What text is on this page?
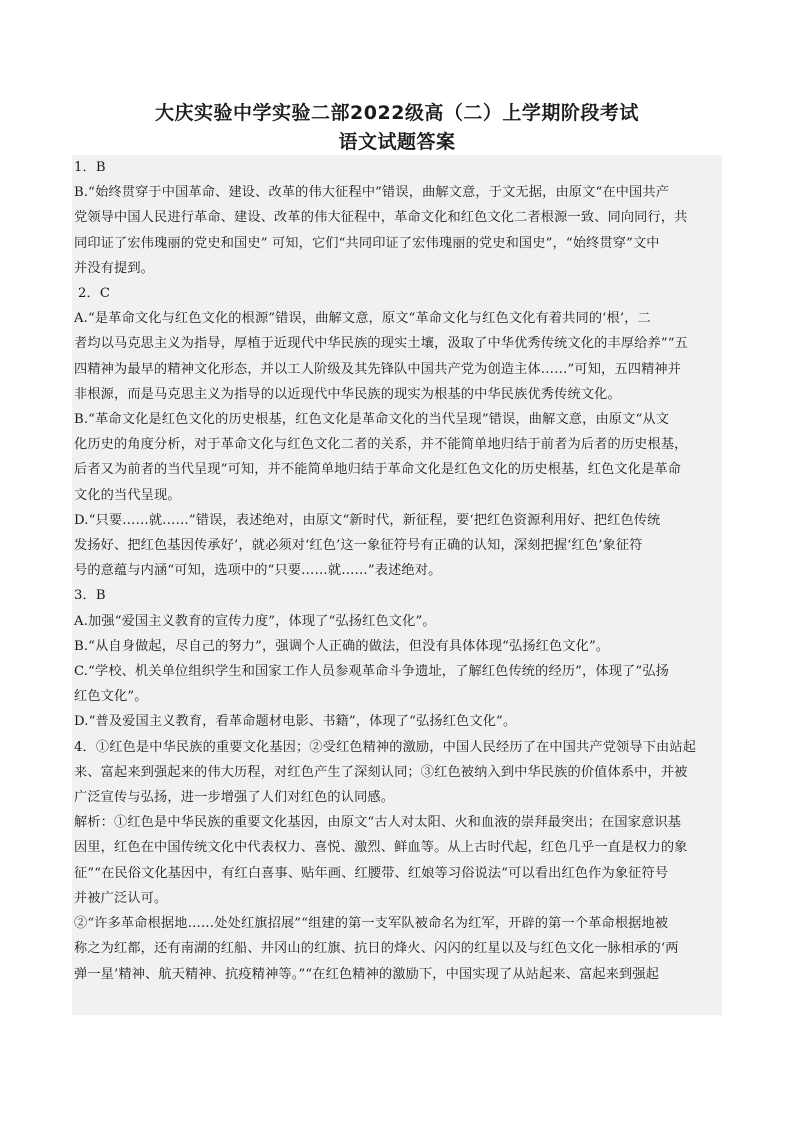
大庆实验中学实验二部2022级高（二）上学期阶段考试
语文试题答案

1．B

B.“始终贯穿于中国革命、建设、改革的伟大征程中”错误，曲解文意，于文无据，由原文“在中国共产

党领导中国人民进行革命、建设、改革的伟大征程中，革命文化和红色文化二者根源一致、同向同行，共

同印证了宏伟瑰丽的党史和国史” 可知，它们“共同印证了宏伟瑰丽的党史和国史”，“始终贯穿”文中

并没有提到。

2．C

A.“是革命文化与红色文化的根源”错误，曲解文意，原文“革命文化与红色文化有着共同的‘根’，二

者均以马克思主义为指导，厚植于近现代中华民族的现实土壤，汲取了中华优秀传统文化的丰厚给养”“五

四精神为最早的精神文化形态，并以工人阶级及其先锋队中国共产党为创造主体……”可知，五四精神并

非根源，而是马克思主义为指导的以近现代中华民族的现实为根基的中华民族优秀传统文化。

B.“革命文化是红色文化的历史根基，红色文化是革命文化的当代呈现”错误，曲解文意，由原文“从文

化历史的角度分析，对于革命文化与红色文化二者的关系，并不能简单地归结于前者为后者的历史根基，

后者又为前者的当代呈现”可知，并不能简单地归结于革命文化是红色文化的历史根基，红色文化是革命

文化的当代呈现。

D.“只要……就……”错误，表述绝对，由原文“新时代，新征程，要‘把红色资源利用好、把红色传统

发扬好、把红色基因传承好’，就必须对‘红色’这一象征符号有正确的认知，深刻把握‘红色’象征符

号的意蕴与内涵“可知，选项中的“只要……就……”表述绝对。

3．B

A.加强“爱国主义教育的宣传力度”，体现了“弘扬红色文化”。

B.“从自身做起，尽自己的努力”，强调个人正确的做法，但没有具体体现“弘扬红色文化”。

C.“学校、机关单位组织学生和国家工作人员参观革命斗争遗址，了解红色传统的经历”，体现了“弘扬

红色文化”。

D.“普及爱国主义教育，看革命题材电影、书籍”，体现了“弘扬红色文化”。

4．①红色是中华民族的重要文化基因；②受红色精神的激励，中国人民经历了在中国共产党领导下由站起

来、富起来到强起来的伟大历程，对红色产生了深刻认同；③红色被纳入到中华民族的价值体系中，并被

广泛宣传与弘扬，进一步增强了人们对红色的认同感。

解析：①红色是中华民族的重要文化基因，由原文“古人对太阳、火和血液的崇拜最突出；在国家意识基

因里，红色在中国传统文化中代表权力、喜悦、激烈、鲜血等。从上古时代起，红色几乎一直是权力的象

征”“在民俗文化基因中，有红白喜事、贴年画、红腰带、红娘等习俗说法”可以看出红色作为象征符号

并被广泛认可。

②“许多革命根据地……处处红旗招展”“组建的第一支军队被命名为红军，开辟的第一个革命根据地被

称之为红都，还有南湖的红船、井冈山的红旗、抗日的烽火、闪闪的红星以及与红色文化一脉相承的‘两

弹一星’精神、航天精神、抗疫精神等。”“在红色精神的激励下，中国实现了从站起来、富起来到强起
